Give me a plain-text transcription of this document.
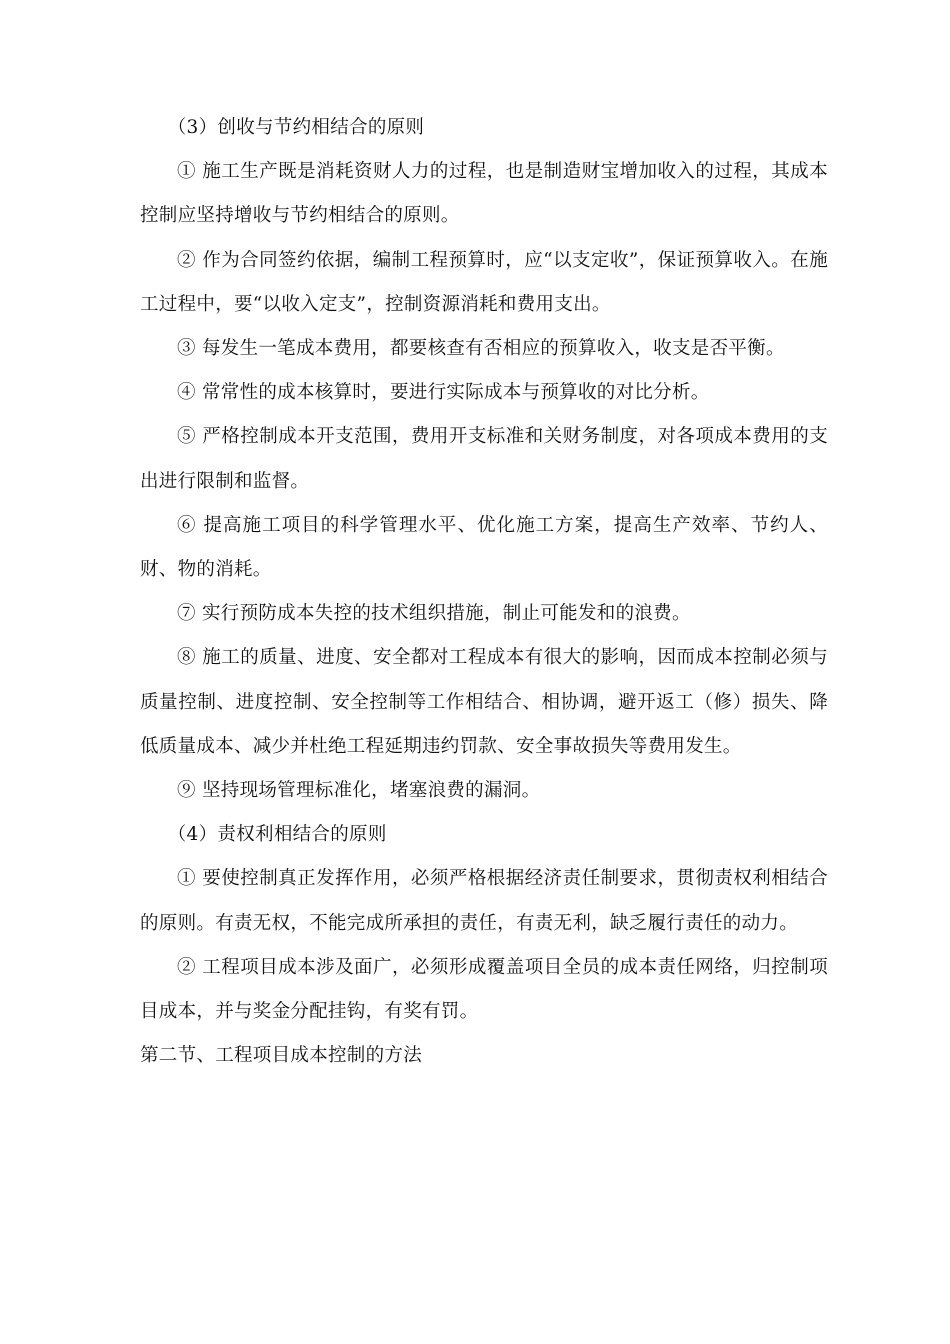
（3）创收与节约相结合的原则

① 施工生产既是消耗资财人力的过程，也是制造财宝增加收入的过程，其成本控制应坚持增收与节约相结合的原则。

② 作为合同签约依据，编制工程预算时，应“以支定收”，保证预算收入。在施工过程中，要“以收入定支”，控制资源消耗和费用支出。

③ 每发生一笔成本费用，都要核查有否相应的预算收入，收支是否平衡。

④ 常常性的成本核算时，要进行实际成本与预算收的对比分析。

⑤ 严格控制成本开支范围，费用开支标准和关财务制度，对各项成本费用的支出进行限制和监督。

⑥ 提高施工项目的科学管理水平、优化施工方案，提高生产效率、节约人、财、物的消耗。

⑦ 实行预防成本失控的技术组织措施，制止可能发和的浪费。

⑧ 施工的质量、进度、安全都对工程成本有很大的影响，因而成本控制必须与质量控制、进度控制、安全控制等工作相结合、相协调，避开返工（修）损失、降低质量成本、减少并杜绝工程延期违约罚款、安全事故损失等费用发生。

⑨ 坚持现场管理标准化，堵塞浪费的漏洞。

（4）责权利相结合的原则

① 要使控制真正发挥作用，必须严格根据经济责任制要求，贯彻责权利相结合的原则。有责无权，不能完成所承担的责任，有责无利，缺乏履行责任的动力。

② 工程项目成本涉及面广，必须形成覆盖项目全员的成本责任网络，归控制项目成本，并与奖金分配挂钩，有奖有罚。

第二节、工程项目成本控制的方法
